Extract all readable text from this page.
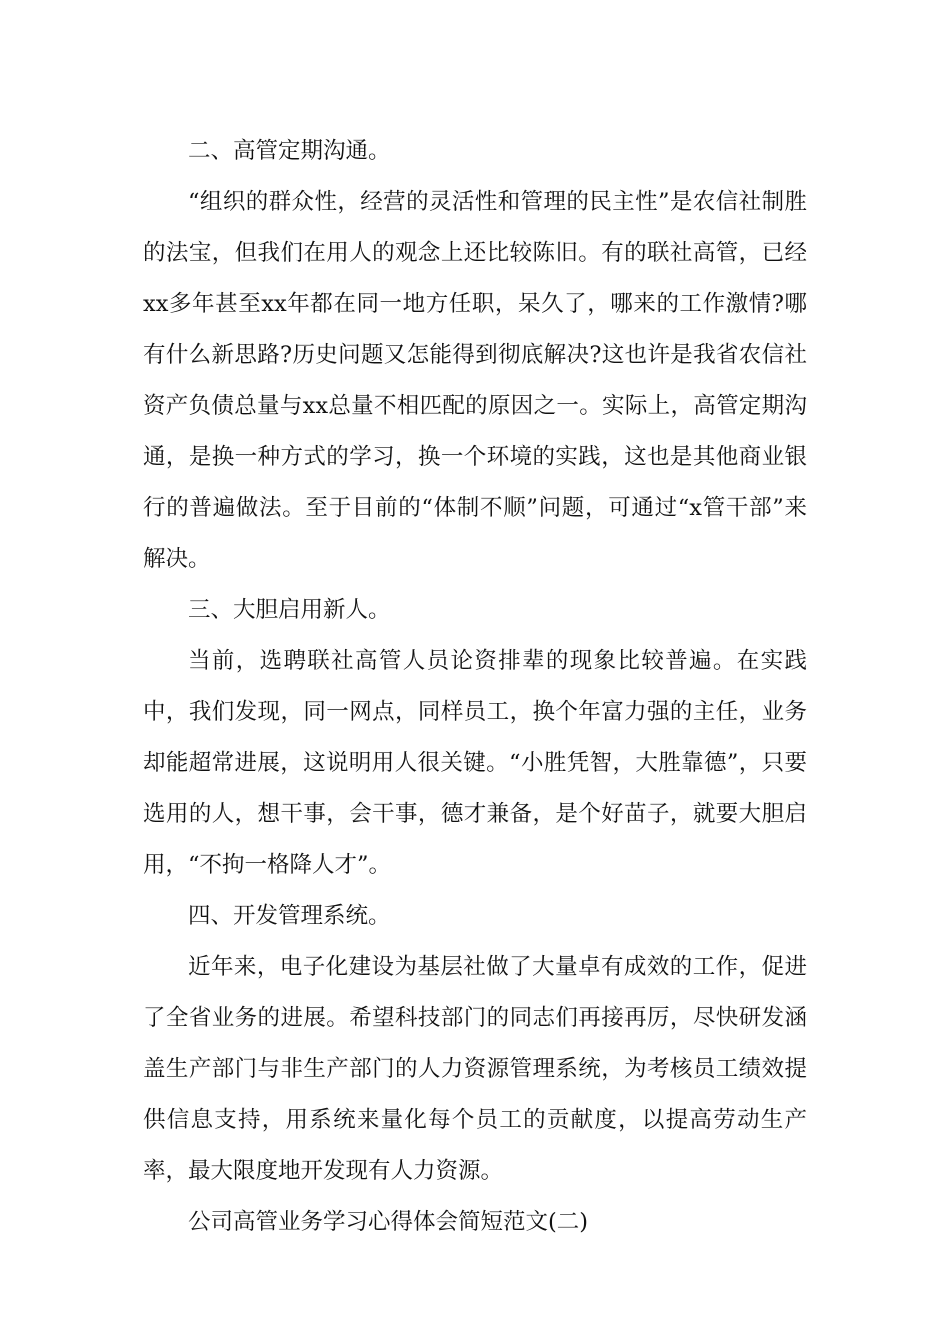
二、高管定期沟通。

“组织的群众性，经营的灵活性和管理的民主性”是农信社制胜的法宝，但我们在用人的观念上还比较陈旧。有的联社高管，已经xx多年甚至xx年都在同一地方任职，呆久了，哪来的工作激情?哪有什么新思路?历史问题又怎能得到彻底解决?这也许是我省农信社资产负债总量与xx总量不相匹配的原因之一。实际上，高管定期沟通，是换一种方式的学习，换一个环境的实践，这也是其他商业银行的普遍做法。至于目前的“体制不顺”问题，可通过“x管干部”来解决。

三、大胆启用新人。

当前，选聘联社高管人员论资排辈的现象比较普遍。在实践中，我们发现，同一网点，同样员工，换个年富力强的主任，业务却能超常进展，这说明用人很关键。“小胜凭智，大胜靠德”，只要选用的人，想干事，会干事，德才兼备，是个好苗子，就要大胆启用，“不拘一格降人才”。

四、开发管理系统。

近年来，电子化建设为基层社做了大量卓有成效的工作，促进了全省业务的进展。希望科技部门的同志们再接再厉，尽快研发涵盖生产部门与非生产部门的人力资源管理系统，为考核员工绩效提供信息支持，用系统来量化每个员工的贡献度，以提高劳动生产率，最大限度地开发现有人力资源。

公司高管业务学习心得体会简短范文(二)
